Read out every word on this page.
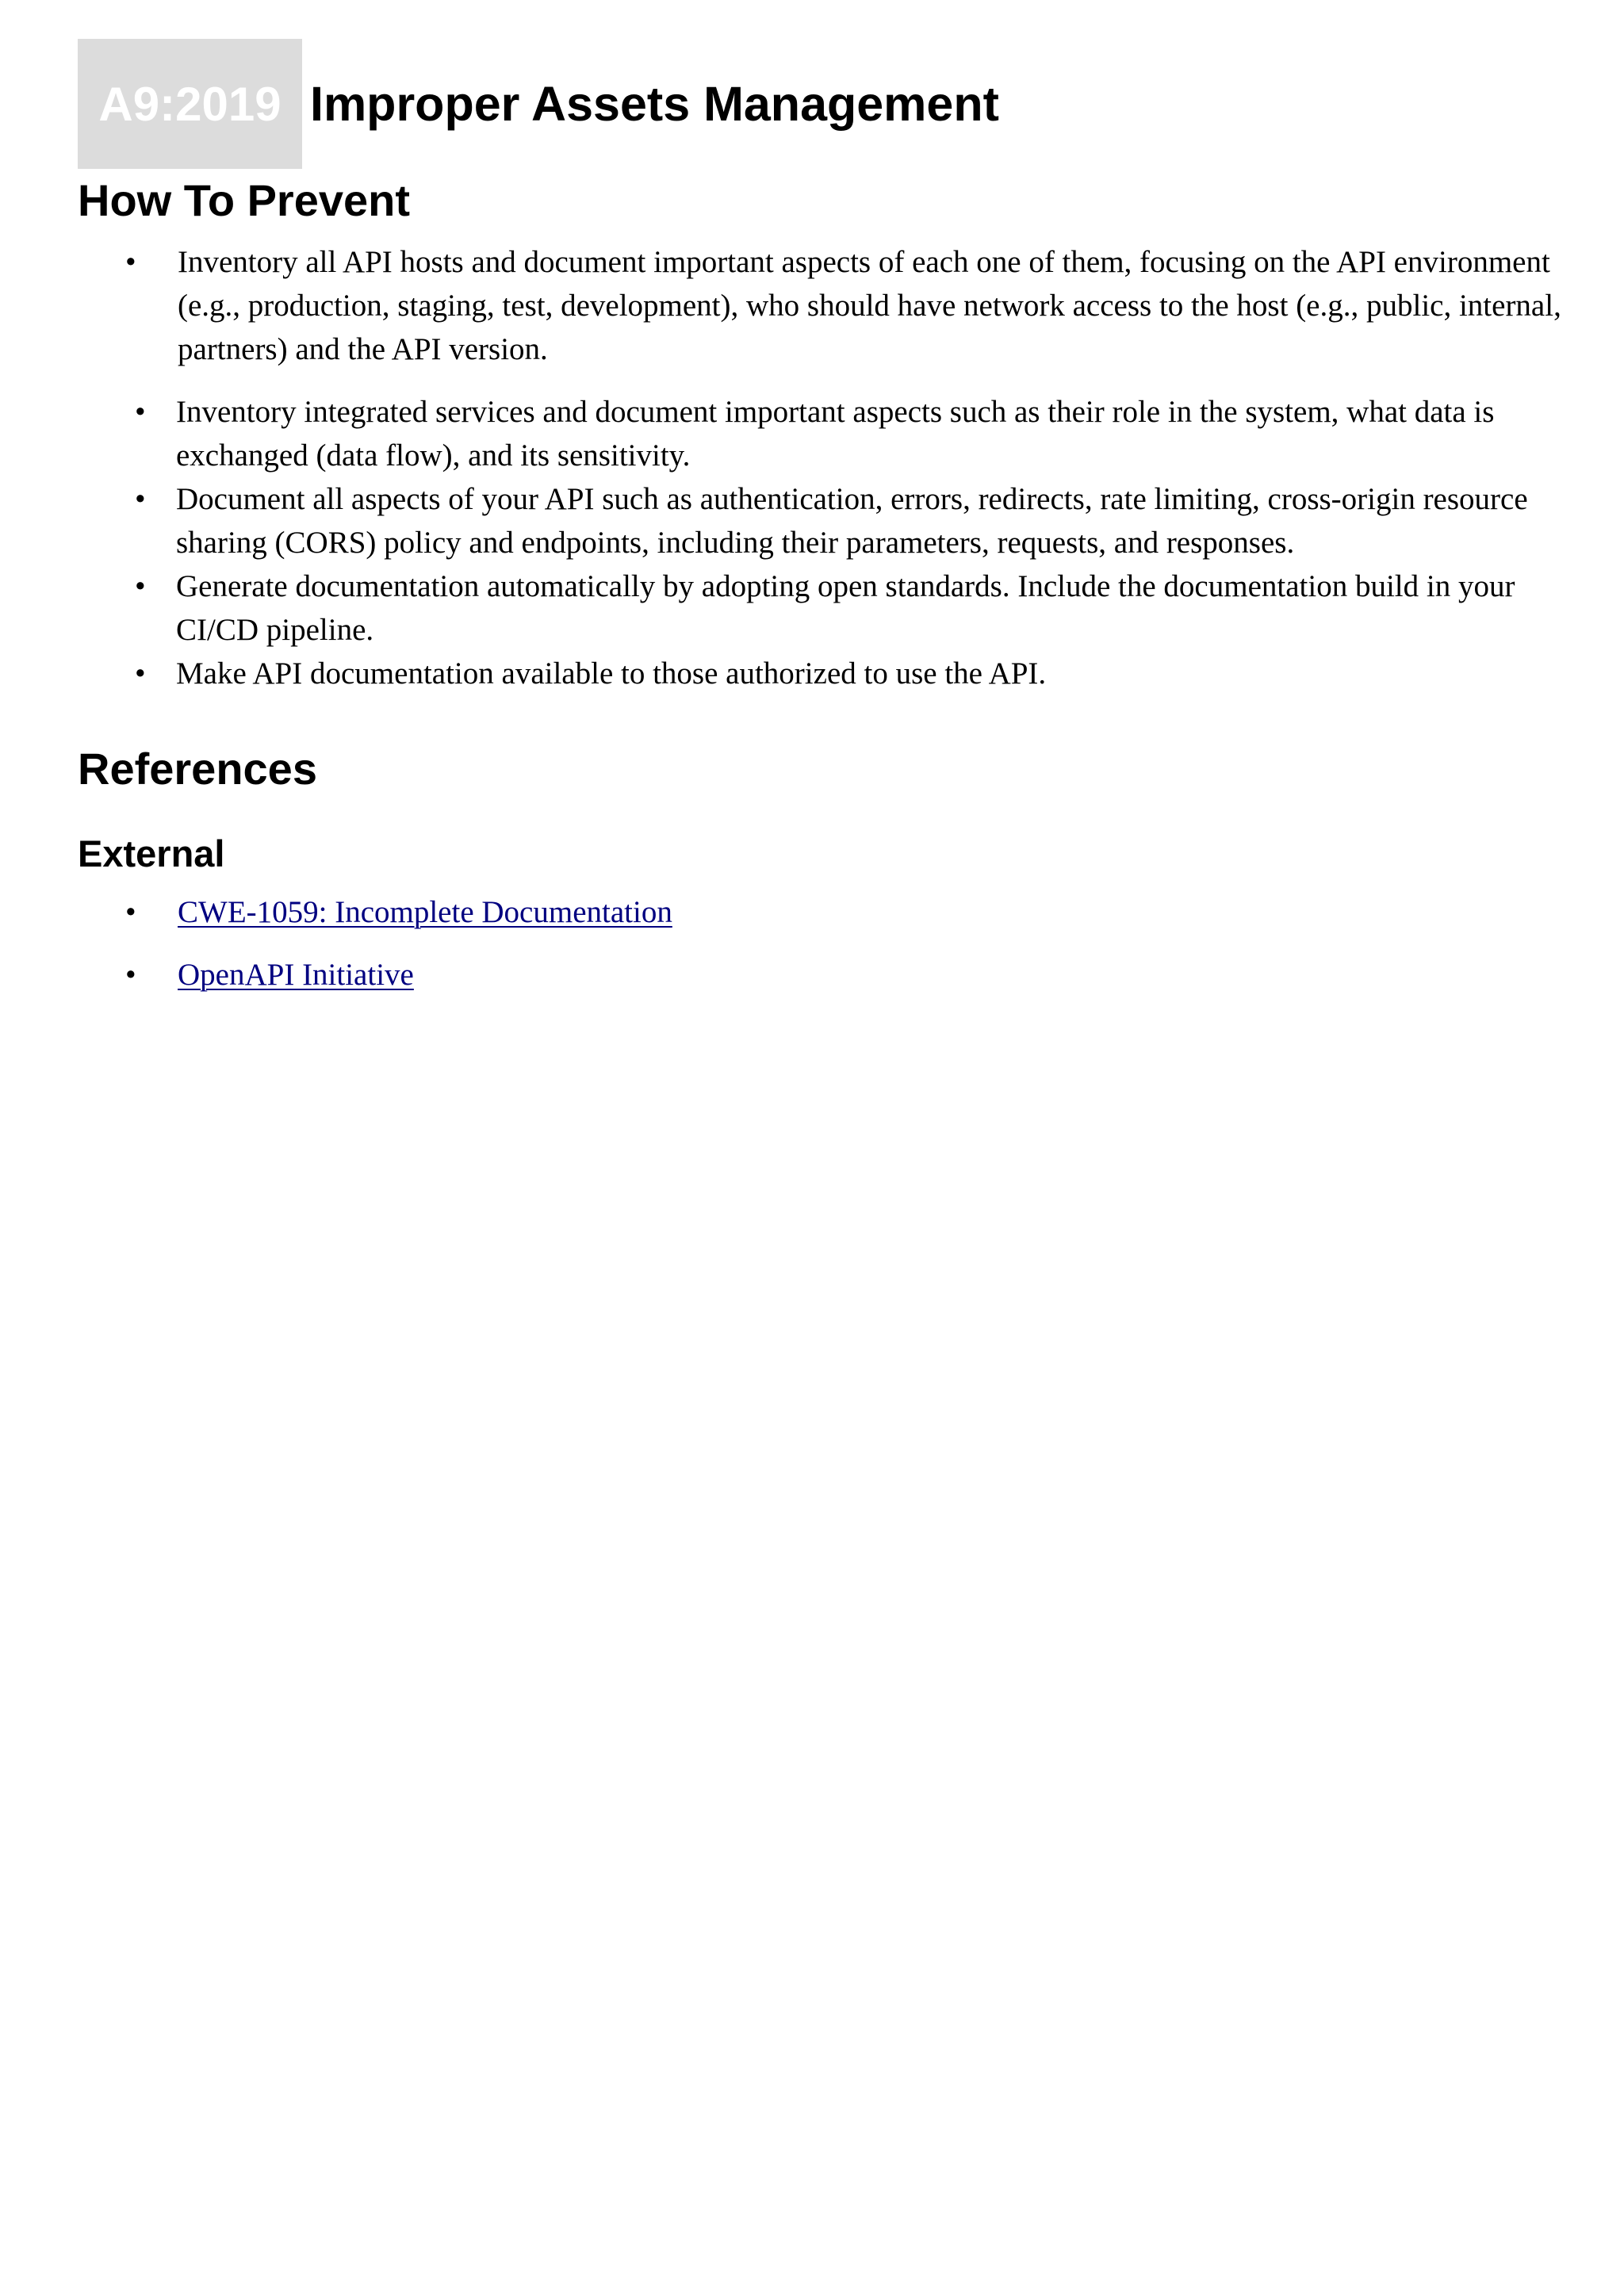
A9:2019 Improper Assets Management
How To Prevent
• Inventory all API hosts and document important aspects of each one of them, focusing on the API environment (e.g., production, staging, test, development), who should have network access to the host (e.g., public, internal, partners) and the API version.
• Inventory integrated services and document important aspects such as their role in the system, what data is exchanged (data flow), and its sensitivity.
• Document all aspects of your API such as authentication, errors, redirects, rate limiting, cross-origin resource sharing (CORS) policy and endpoints, including their parameters, requests, and responses.
• Generate documentation automatically by adopting open standards. Include the documentation build in your CI/CD pipeline.
• Make API documentation available to those authorized to use the API.
References
External
• CWE-1059: Incomplete Documentation
• OpenAPI Initiative
